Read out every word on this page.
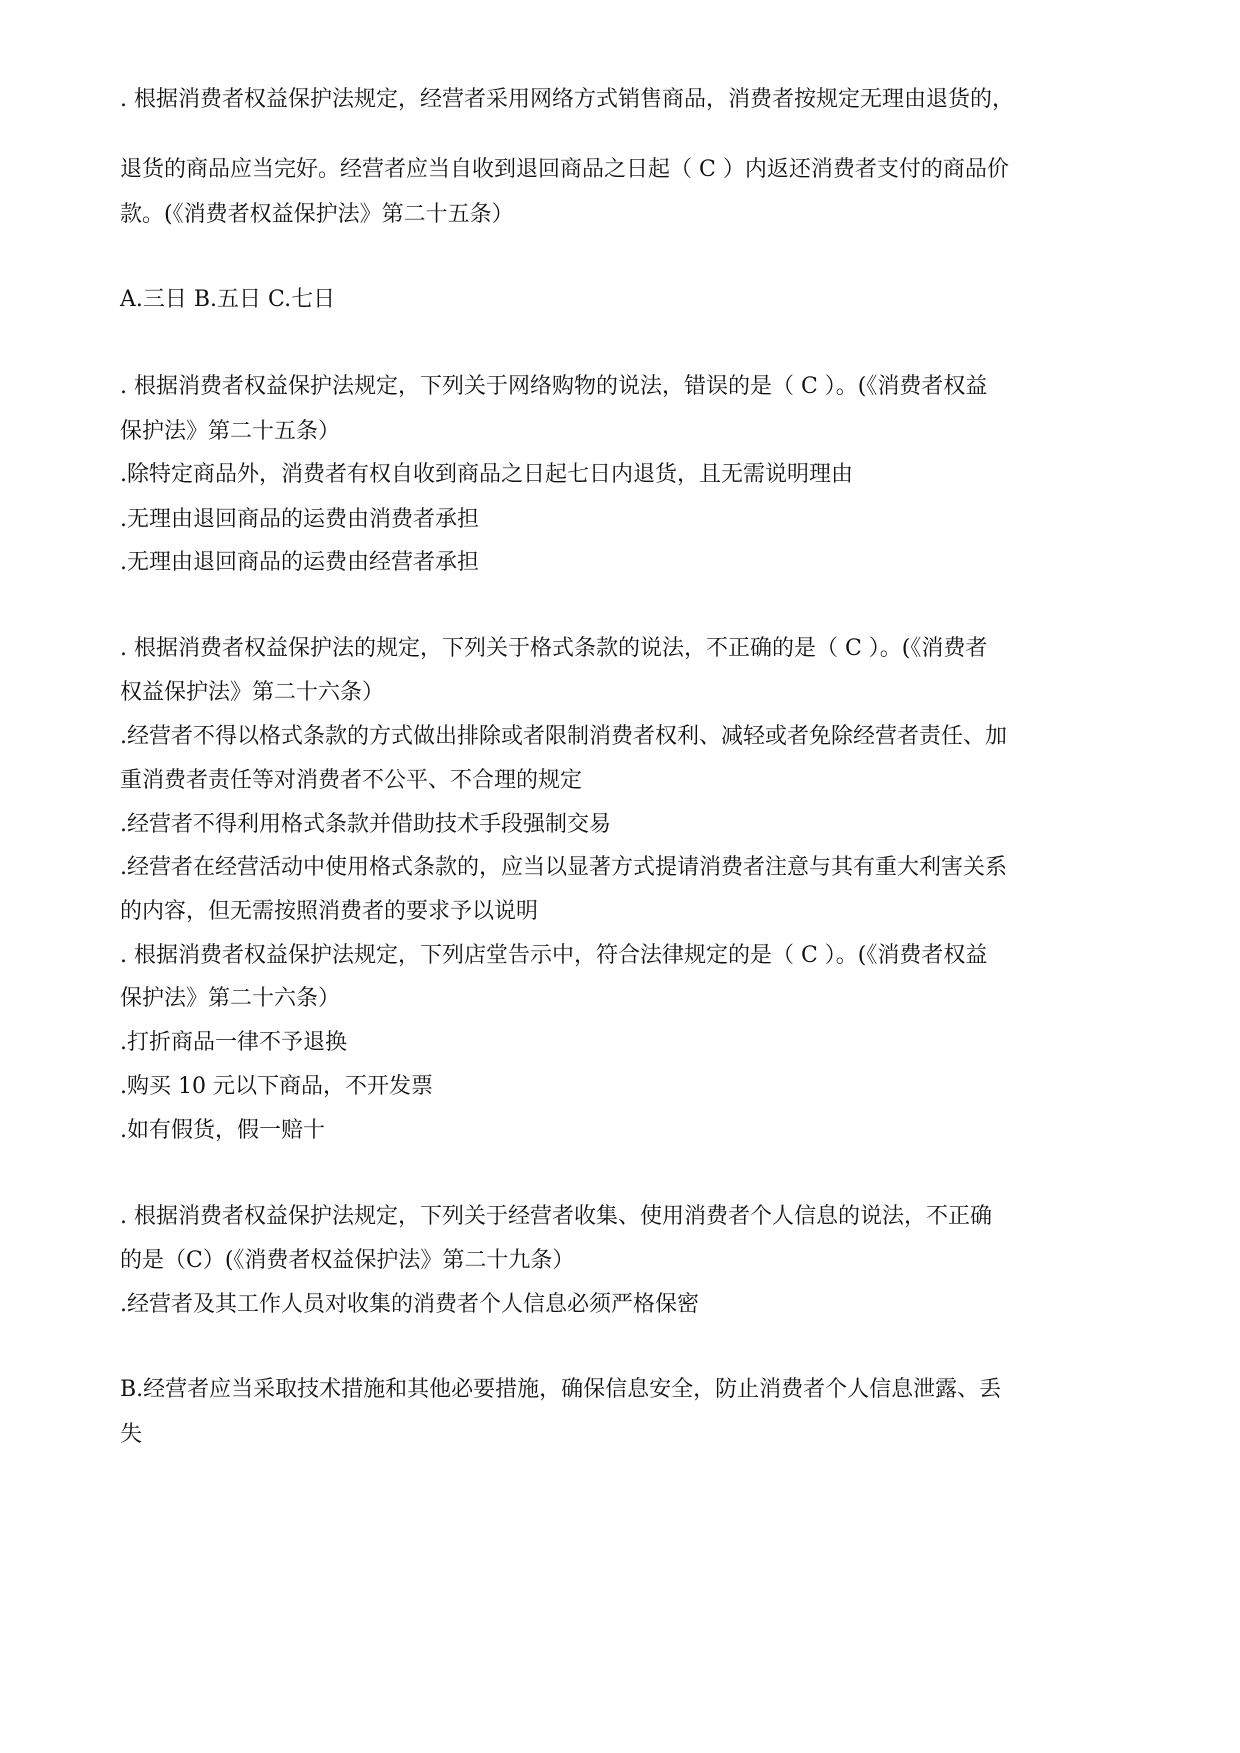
. 根据消费者权益保护法规定，经营者采用网络方式销售商品，消费者按规定无理由退货的，
退货的商品应当完好。经营者应当自收到退回商品之日起（ C ）内返还消费者支付的商品价
款。(《消费者权益保护法》第二十五条）
A.三日 B.五日 C.七日
. 根据消费者权益保护法规定，下列关于网络购物的说法，错误的是（ C ）。(《消费者权益
保护法》第二十五条）
.除特定商品外，消费者有权自收到商品之日起七日内退货，且无需说明理由
.无理由退回商品的运费由消费者承担
.无理由退回商品的运费由经营者承担
. 根据消费者权益保护法的规定，下列关于格式条款的说法，不正确的是（ C ）。(《消费者
权益保护法》第二十六条）
.经营者不得以格式条款的方式做出排除或者限制消费者权利、减轻或者免除经营者责任、加
重消费者责任等对消费者不公平、不合理的规定
.经营者不得利用格式条款并借助技术手段强制交易
.经营者在经营活动中使用格式条款的，应当以显著方式提请消费者注意与其有重大利害关系
的内容，但无需按照消费者的要求予以说明
. 根据消费者权益保护法规定，下列店堂告示中，符合法律规定的是（ C ）。(《消费者权益
保护法》第二十六条）
.打折商品一律不予退换
.购买 10 元以下商品，不开发票
.如有假货，假一赔十
. 根据消费者权益保护法规定，下列关于经营者收集、使用消费者个人信息的说法，不正确
的是（C）(《消费者权益保护法》第二十九条）
.经营者及其工作人员对收集的消费者个人信息必须严格保密
B.经营者应当采取技术措施和其他必要措施，确保信息安全，防止消费者个人信息泄露、丢
失
